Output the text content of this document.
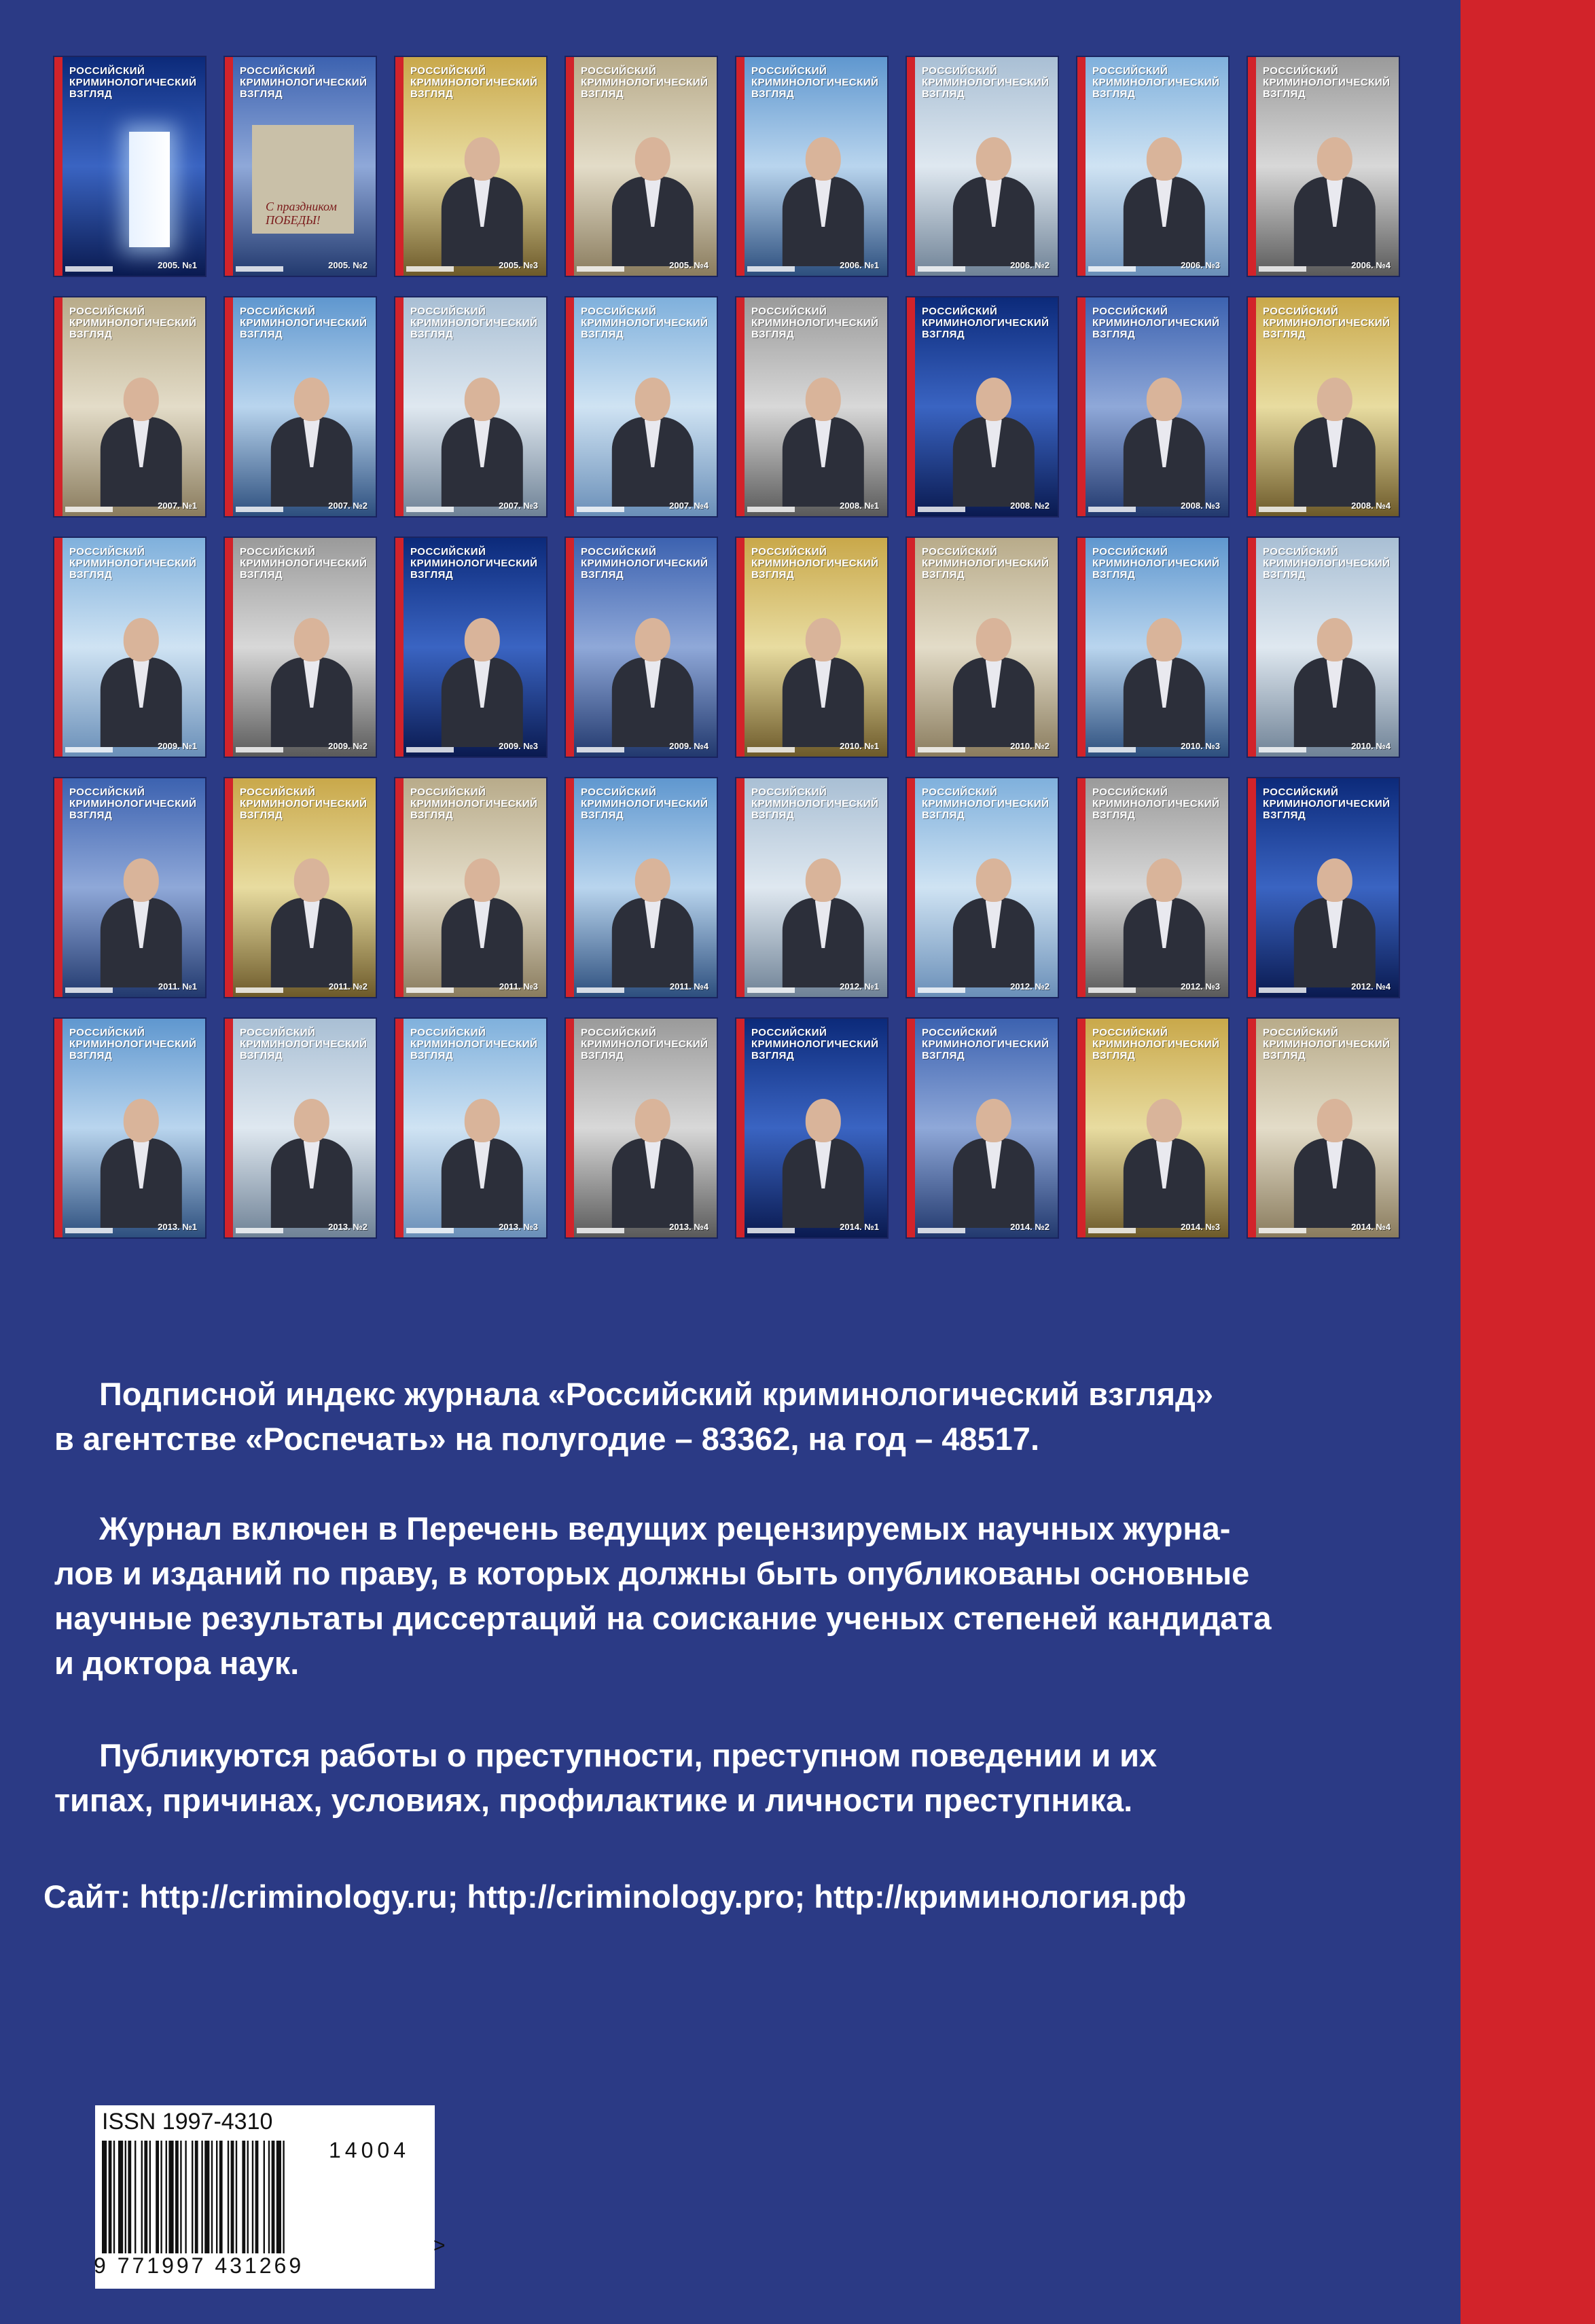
РОССИЙСКИЙ
КРИМИНОЛОГИЧЕСКИЙ
ВЗГЛЯД
2005. №1
РОССИЙСКИЙ
КРИМИНОЛОГИЧЕСКИЙ
ВЗГЛЯД
С праздником
ПОБЕДЫ!
2005. №2
РОССИЙСКИЙ
КРИМИНОЛОГИЧЕСКИЙ
ВЗГЛЯД
2005. №3
РОССИЙСКИЙ
КРИМИНОЛОГИЧЕСКИЙ
ВЗГЛЯД
2005. №4
РОССИЙСКИЙ
КРИМИНОЛОГИЧЕСКИЙ
ВЗГЛЯД
2006. №1
РОССИЙСКИЙ
КРИМИНОЛОГИЧЕСКИЙ
ВЗГЛЯД
2006. №2
РОССИЙСКИЙ
КРИМИНОЛОГИЧЕСКИЙ
ВЗГЛЯД
2006. №3
РОССИЙСКИЙ
КРИМИНОЛОГИЧЕСКИЙ
ВЗГЛЯД
2006. №4
РОССИЙСКИЙ
КРИМИНОЛОГИЧЕСКИЙ
ВЗГЛЯД
2007. №1
РОССИЙСКИЙ
КРИМИНОЛОГИЧЕСКИЙ
ВЗГЛЯД
2007. №2
РОССИЙСКИЙ
КРИМИНОЛОГИЧЕСКИЙ
ВЗГЛЯД
2007. №3
РОССИЙСКИЙ
КРИМИНОЛОГИЧЕСКИЙ
ВЗГЛЯД
2007. №4
РОССИЙСКИЙ
КРИМИНОЛОГИЧЕСКИЙ
ВЗГЛЯД
2008. №1
РОССИЙСКИЙ
КРИМИНОЛОГИЧЕСКИЙ
ВЗГЛЯД
2008. №2
РОССИЙСКИЙ
КРИМИНОЛОГИЧЕСКИЙ
ВЗГЛЯД
2008. №3
РОССИЙСКИЙ
КРИМИНОЛОГИЧЕСКИЙ
ВЗГЛЯД
2008. №4
РОССИЙСКИЙ
КРИМИНОЛОГИЧЕСКИЙ
ВЗГЛЯД
2009. №1
РОССИЙСКИЙ
КРИМИНОЛОГИЧЕСКИЙ
ВЗГЛЯД
2009. №2
РОССИЙСКИЙ
КРИМИНОЛОГИЧЕСКИЙ
ВЗГЛЯД
2009. №3
РОССИЙСКИЙ
КРИМИНОЛОГИЧЕСКИЙ
ВЗГЛЯД
2009. №4
РОССИЙСКИЙ
КРИМИНОЛОГИЧЕСКИЙ
ВЗГЛЯД
2010. №1
РОССИЙСКИЙ
КРИМИНОЛОГИЧЕСКИЙ
ВЗГЛЯД
2010. №2
РОССИЙСКИЙ
КРИМИНОЛОГИЧЕСКИЙ
ВЗГЛЯД
2010. №3
РОССИЙСКИЙ
КРИМИНОЛОГИЧЕСКИЙ
ВЗГЛЯД
2010. №4
РОССИЙСКИЙ
КРИМИНОЛОГИЧЕСКИЙ
ВЗГЛЯД
2011. №1
РОССИЙСКИЙ
КРИМИНОЛОГИЧЕСКИЙ
ВЗГЛЯД
2011. №2
РОССИЙСКИЙ
КРИМИНОЛОГИЧЕСКИЙ
ВЗГЛЯД
2011. №3
РОССИЙСКИЙ
КРИМИНОЛОГИЧЕСКИЙ
ВЗГЛЯД
2011. №4
РОССИЙСКИЙ
КРИМИНОЛОГИЧЕСКИЙ
ВЗГЛЯД
2012. №1
РОССИЙСКИЙ
КРИМИНОЛОГИЧЕСКИЙ
ВЗГЛЯД
2012. №2
РОССИЙСКИЙ
КРИМИНОЛОГИЧЕСКИЙ
ВЗГЛЯД
2012. №3
РОССИЙСКИЙ
КРИМИНОЛОГИЧЕСКИЙ
ВЗГЛЯД
2012. №4
РОССИЙСКИЙ
КРИМИНОЛОГИЧЕСКИЙ
ВЗГЛЯД
2013. №1
РОССИЙСКИЙ
КРИМИНОЛОГИЧЕСКИЙ
ВЗГЛЯД
2013. №2
РОССИЙСКИЙ
КРИМИНОЛОГИЧЕСКИЙ
ВЗГЛЯД
2013. №3
РОССИЙСКИЙ
КРИМИНОЛОГИЧЕСКИЙ
ВЗГЛЯД
2013. №4
РОССИЙСКИЙ
КРИМИНОЛОГИЧЕСКИЙ
ВЗГЛЯД
2014. №1
РОССИЙСКИЙ
КРИМИНОЛОГИЧЕСКИЙ
ВЗГЛЯД
2014. №2
РОССИЙСКИЙ
КРИМИНОЛОГИЧЕСКИЙ
ВЗГЛЯД
2014. №3
РОССИЙСКИЙ
КРИМИНОЛОГИЧЕСКИЙ
ВЗГЛЯД
2014. №4
Подписной индекс журнала «Российский криминологический взгляд»
в агентстве «Роспечать» на полугодие – 83362, на год – 48517.
Журнал включен в Перечень ведущих рецензируемых научных журна-
лов и изданий по праву, в которых должны быть опубликованы основные
научные результаты диссертаций на соискание ученых степеней кандидата
и доктора наук.
Публикуются работы о преступности, преступном поведении и их
типах, причинах, условиях, профилактике и личности преступника.
Сайт: http://criminology.ru; http://criminology.pro; http://криминология.рф
ISSN 1997-4310
14004
9 771997 431269
>
